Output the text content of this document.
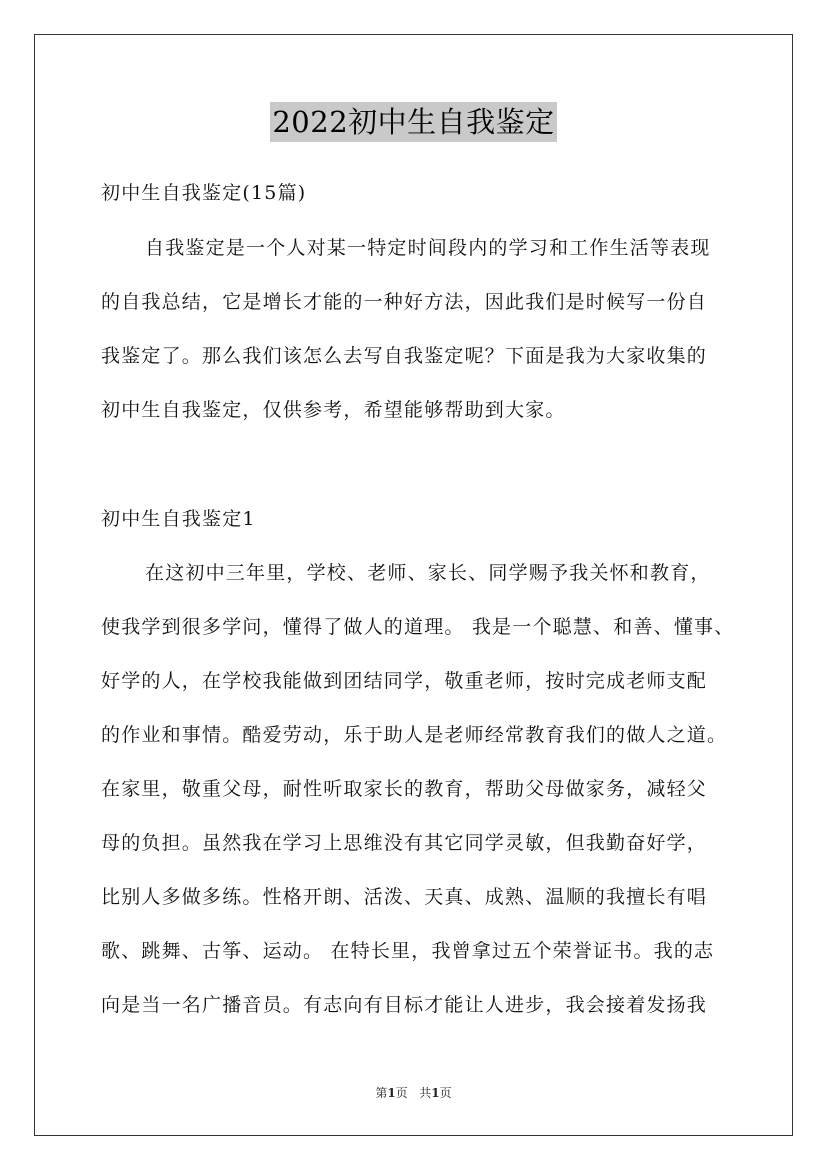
2022初中生自我鉴定
初中生自我鉴定(15篇)
自我鉴定是一个人对某一特定时间段内的学习和工作生活等表现
的自我总结，它是增长才能的一种好方法，因此我们是时候写一份自
我鉴定了。那么我们该怎么去写自我鉴定呢？下面是我为大家收集的
初中生自我鉴定，仅供参考，希望能够帮助到大家。
初中生自我鉴定1
在这初中三年里，学校、老师、家长、同学赐予我关怀和教育，
使我学到很多学问，懂得了做人的道理。 我是一个聪慧、和善、懂事、
好学的人，在学校我能做到团结同学，敬重老师，按时完成老师支配
的作业和事情。酷爱劳动，乐于助人是老师经常教育我们的做人之道。
在家里，敬重父母，耐性听取家长的教育，帮助父母做家务，减轻父
母的负担。虽然我在学习上思维没有其它同学灵敏，但我勤奋好学，
比别人多做多练。性格开朗、活泼、天真、成熟、温顺的我擅长有唱
歌、跳舞、古筝、运动。 在特长里，我曾拿过五个荣誉证书。我的志
向是当一名广播音员。有志向有目标才能让人进步，我会接着发扬我
第1页 共1页
